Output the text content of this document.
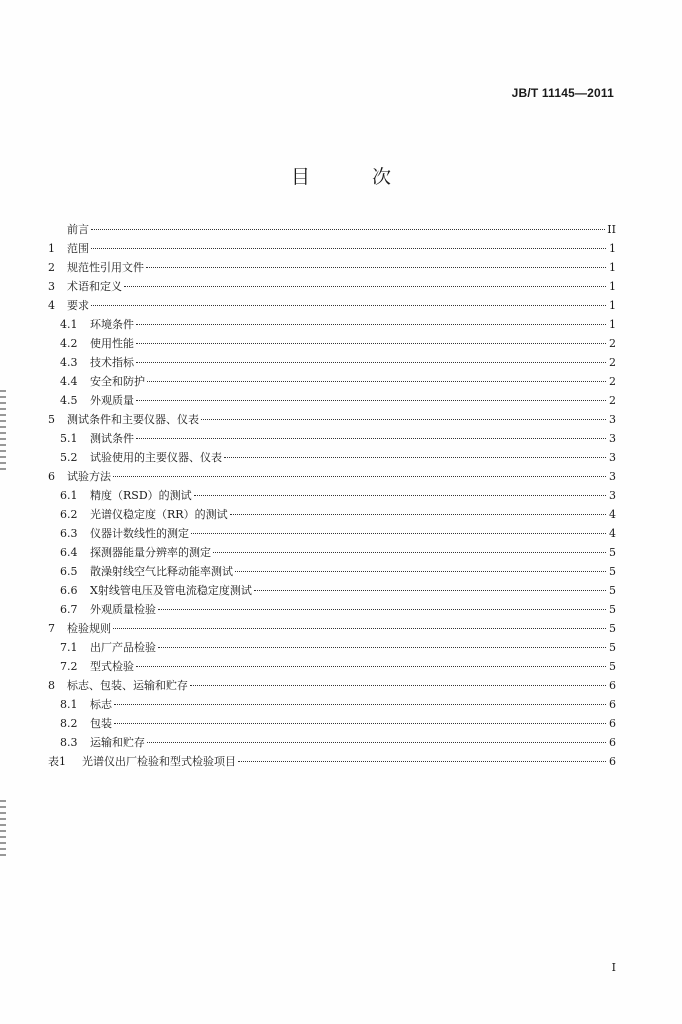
JB/T 11145—2011
目 次
前言	II
1	范围	1
2	规范性引用文件	1
3	术语和定义	1
4	要求	1
4.1	环境条件	1
4.2	使用性能	2
4.3	技术指标	2
4.4	安全和防护	2
4.5	外观质量	2
5	测试条件和主要仪器、仪表	3
5.1	测试条件	3
5.2	试验使用的主要仪器、仪表	3
6	试验方法	3
6.1	精度（RSD）的测试	3
6.2	光谱仪稳定度（RR）的测试	4
6.3	仪器计数线性的测定	4
6.4	探测器能量分辨率的测定	5
6.5	散澡射线空气比释动能率测试	5
6.6	X射线管电压及管电流稳定度测试	5
6.7	外观质量检验	5
7	检验规则	5
7.1	出厂产品检验	5
7.2	型式检验	5
8	标志、包装、运输和贮存	6
8.1	标志	6
8.2	包装	6
8.3	运输和贮存	6
表1	光谱仪出厂检验和型式检验项目	6
I
